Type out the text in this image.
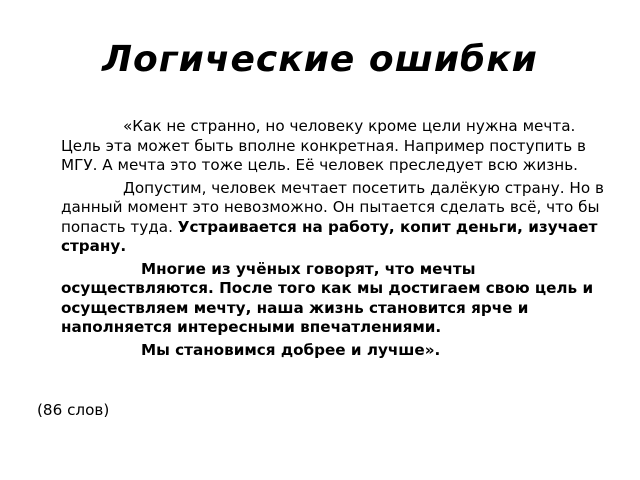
Логические ошибки

«Как не странно, но человеку кроме цели нужна мечта. Цель эта может быть вполне конкретная. Например поступить в МГУ. А мечта это тоже цель. Её человек преследует всю жизнь.

Допустим, человек мечтает посетить далёкую страну. Но в данный момент это невозможно. Он пытается сделать всё, что бы попасть туда. Устраивается на работу, копит деньги, изучает страну.

Многие из учёных говорят, что мечты осуществляются. После того как мы достигаем свою цель и осуществляем мечту, наша жизнь становится ярче и наполняется интересными впечатлениями.

Мы становимся добрее и лучше».

(86 слов)
